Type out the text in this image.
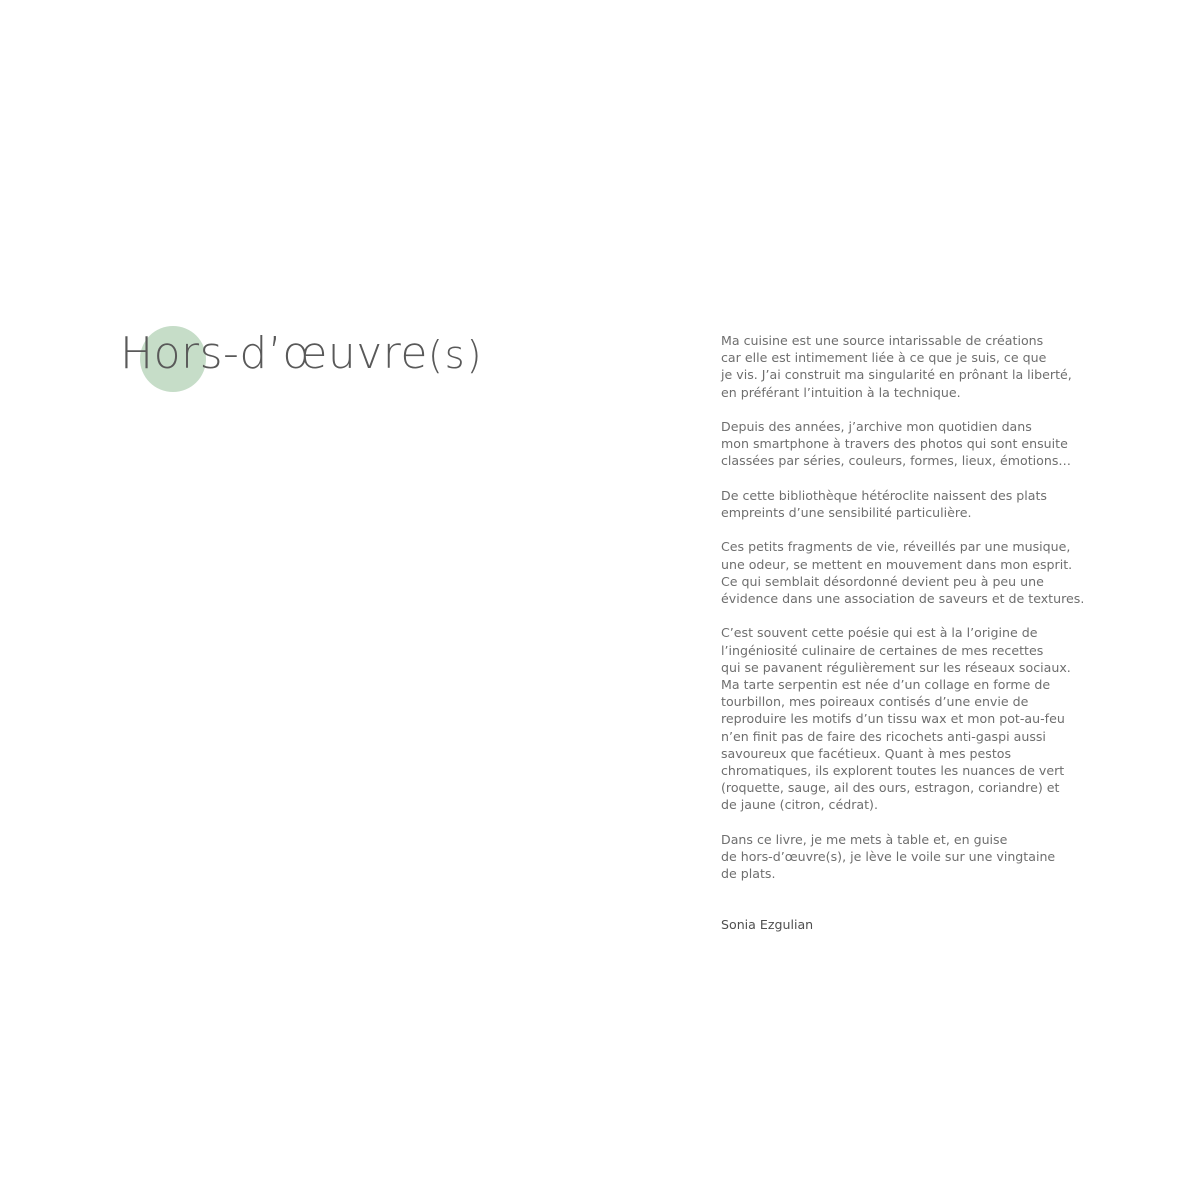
Hors-d’œuvre(s)	Ma cuisine est une source intarissable de créations
car elle est intimement liée à ce que je suis, ce que
je vis. J’ai construit ma singularité en prônant la liberté,
en préférant l’intuition à la technique.

Depuis des années, j’archive mon quotidien dans
mon smartphone à travers des photos qui sont ensuite
classées par séries, couleurs, formes, lieux, émotions…

De cette bibliothèque hétéroclite naissent des plats
empreints d’une sensibilité particulière.

Ces petits fragments de vie, réveillés par une musique,
une odeur, se mettent en mouvement dans mon esprit.
Ce qui semblait désordonné devient peu à peu une
évidence dans une association de saveurs et de textures.

C’est souvent cette poésie qui est à la l’origine de
l’ingéniosité culinaire de certaines de mes recettes
qui se pavanent régulièrement sur les réseaux sociaux.
Ma tarte serpentin est née d’un collage en forme de
tourbillon, mes poireaux contisés d’une envie de
reproduire les motifs d’un tissu wax et mon pot-au-feu
n’en finit pas de faire des ricochets anti-gaspi aussi
savoureux que facétieux. Quant à mes pestos
chromatiques, ils explorent toutes les nuances de vert
(roquette, sauge, ail des ours, estragon, coriandre) et
de jaune (citron, cédrat).

Dans ce livre, je me mets à table et, en guise
de hors-d’œuvre(s), je lève le voile sur une vingtaine
de plats.

Sonia Ezgulian
